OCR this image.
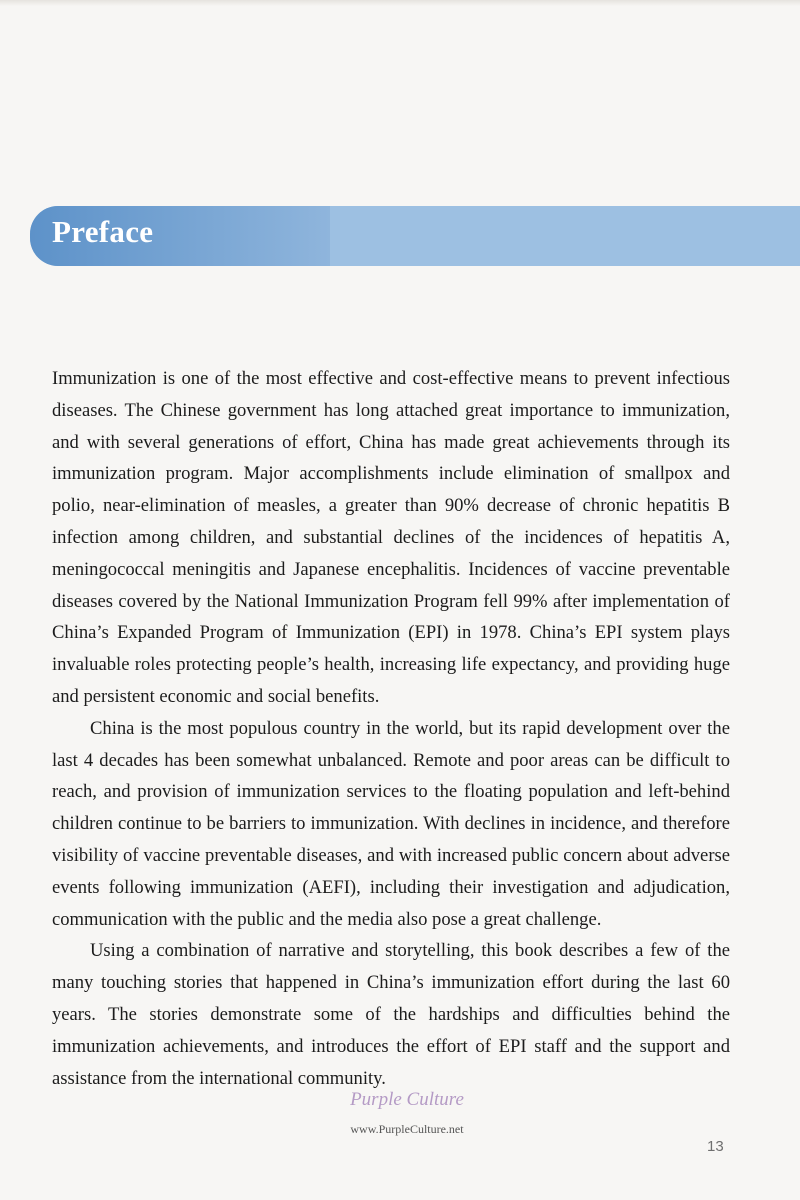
Preface

Immunization is one of the most effective and cost-effective means to prevent infectious diseases. The Chinese government has long attached great importance to immunization, and with several generations of effort, China has made great achievements through its immunization program. Major accomplishments include elimination of smallpox and polio, near-elimination of measles, a greater than 90% decrease of chronic hepatitis B infection among children, and substantial declines of the incidences of hepatitis A, meningococcal meningitis and Japanese encephalitis. Incidences of vaccine preventable diseases covered by the National Immunization Program fell 99% after implementation of China’s Expanded Program of Immunization (EPI) in 1978. China’s EPI system plays invaluable roles protecting people’s health, increasing life expectancy, and providing huge and persistent economic and social benefits.

China is the most populous country in the world, but its rapid development over the last 4 decades has been somewhat unbalanced. Remote and poor areas can be difficult to reach, and provision of immunization services to the floating population and left-behind children continue to be barriers to immunization. With declines in incidence, and therefore visibility of vaccine preventable diseases, and with increased public concern about adverse events following immunization (AEFI), including their investigation and adjudication, communication with the public and the media also pose a great challenge.

Using a combination of narrative and storytelling, this book describes a few of the many touching stories that happened in China’s immunization effort during the last 60 years. The stories demonstrate some of the hardships and difficulties behind the immunization achievements, and introduces the effort of EPI staff and the support and assistance from the international community.

Purple Culture
www.PurpleCulture.net
13
